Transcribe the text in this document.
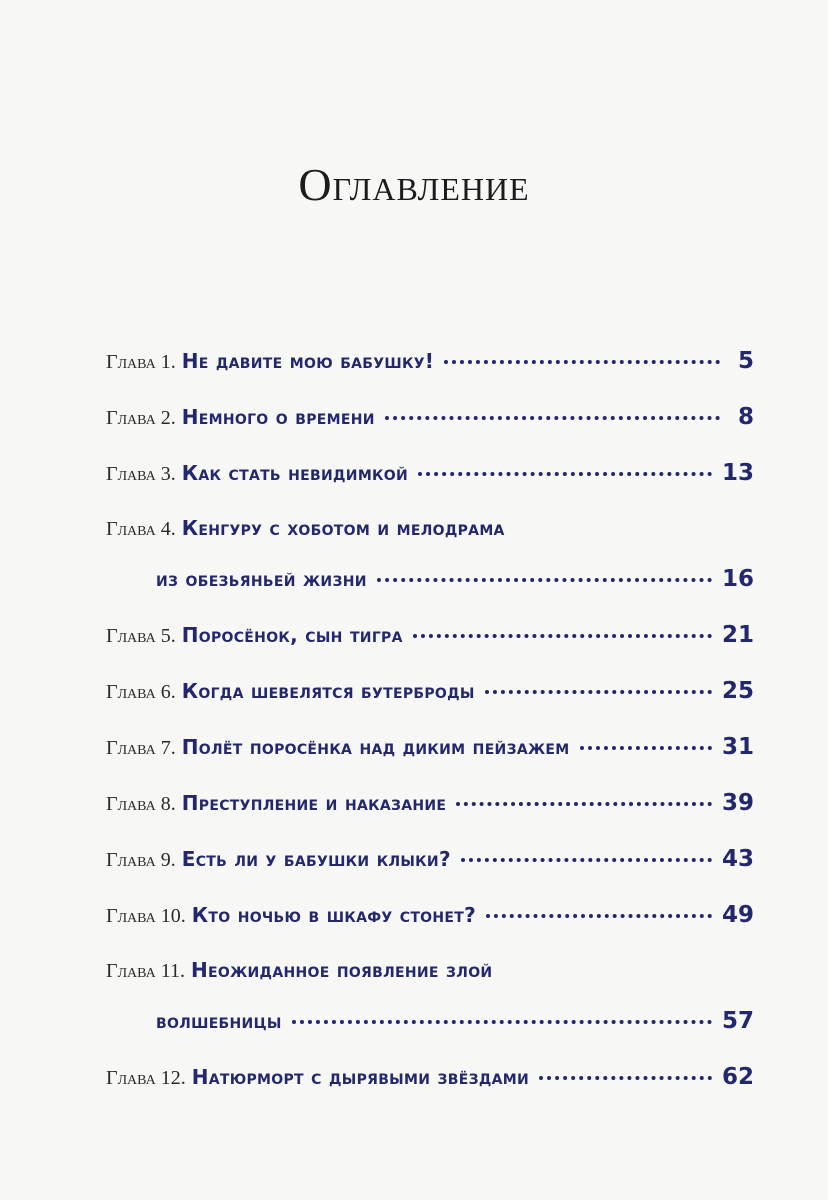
Оглавление
Глава 1. Не давите мою бабушку!	5
Глава 2. Немного о времени	8
Глава 3. Как стать невидимкой	13
Глава 4. Кенгуру с хоботом и мелодрама
из обезьяньей жизни	16
Глава 5. Поросёнок, сын тигра	21
Глава 6. Когда шевелятся бутерброды	25
Глава 7. Полёт поросёнка над диким пейзажем	31
Глава 8. Преступление и наказание	39
Глава 9. Есть ли у бабушки клыки?	43
Глава 10. Кто ночью в шкафу стонет?	49
Глава 11. Неожиданное появление злой
волшебницы	57
Глава 12. Натюрморт с дырявыми звёздами	62
